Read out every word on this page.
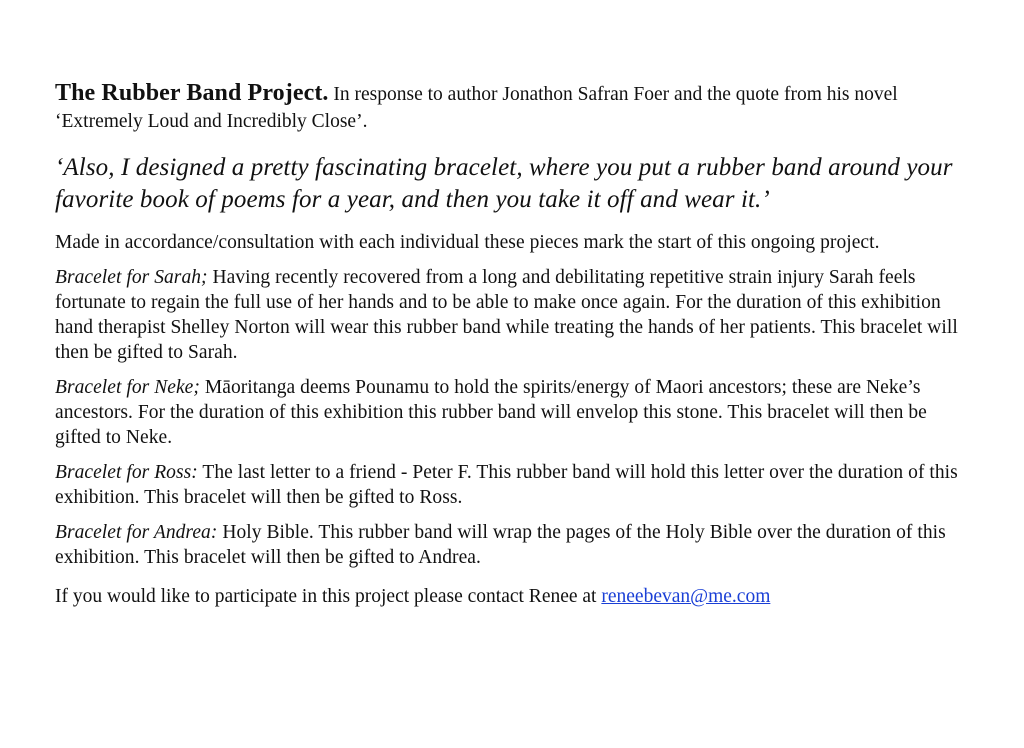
The Rubber Band Project. In response to author Jonathon Safran Foer and the quote from his novel ‘Extremely Loud and Incredibly Close’.

‘Also, I designed a pretty fascinating bracelet, where you put a rubber band around your favorite book of poems for a year, and then you take it off and wear it.’

Made in accordance/consultation with each individual these pieces mark the start of this ongoing project.

Bracelet for Sarah; Having recently recovered from a long and debilitating repetitive strain injury Sarah feels fortunate to regain the full use of her hands and to be able to make once again. For the duration of this exhibition hand therapist Shelley Norton will wear this rubber band while treating the hands of her patients. This bracelet will then be gifted to Sarah.

Bracelet for Neke; Māoritanga deems Pounamu to hold the spirits/energy of Maori ancestors; these are Neke’s ancestors. For the duration of this exhibition this rubber band will envelop this stone. This bracelet will then be gifted to Neke.

Bracelet for Ross: The last letter to a friend - Peter F. This rubber band will hold this letter over the duration of this exhibition. This bracelet will then be gifted to Ross.

Bracelet for Andrea: Holy Bible. This rubber band will wrap the pages of the Holy Bible over the duration of this exhibition. This bracelet will then be gifted to Andrea.

If you would like to participate in this project please contact Renee at reneebevan@me.com
